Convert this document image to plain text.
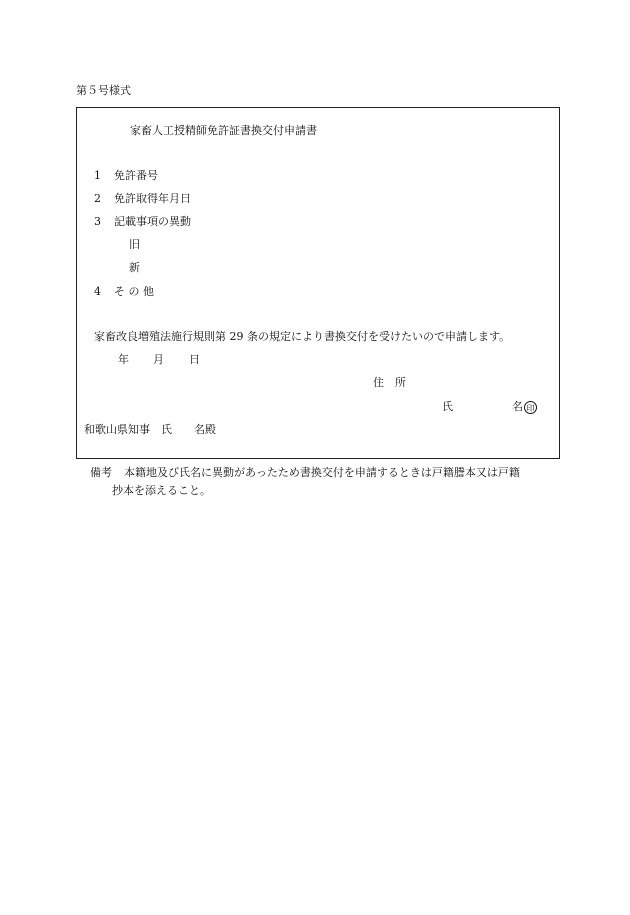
第５号様式
家畜人工授精師免許証書換交付申請書
1 免許番号
2 免許取得年月日
3 記載事項の異動
旧
新
4 そ の 他
家畜改良増殖法施行規則第 29 条の規定により書換交付を受けたいので申請します。
年 月 日
住　所
氏	名 印
和歌山県知事　氏　　名殿
備考 本籍地及び氏名に異動があったため書換交付を申請するときは戸籍謄本又は戸籍
抄本を添えること。
